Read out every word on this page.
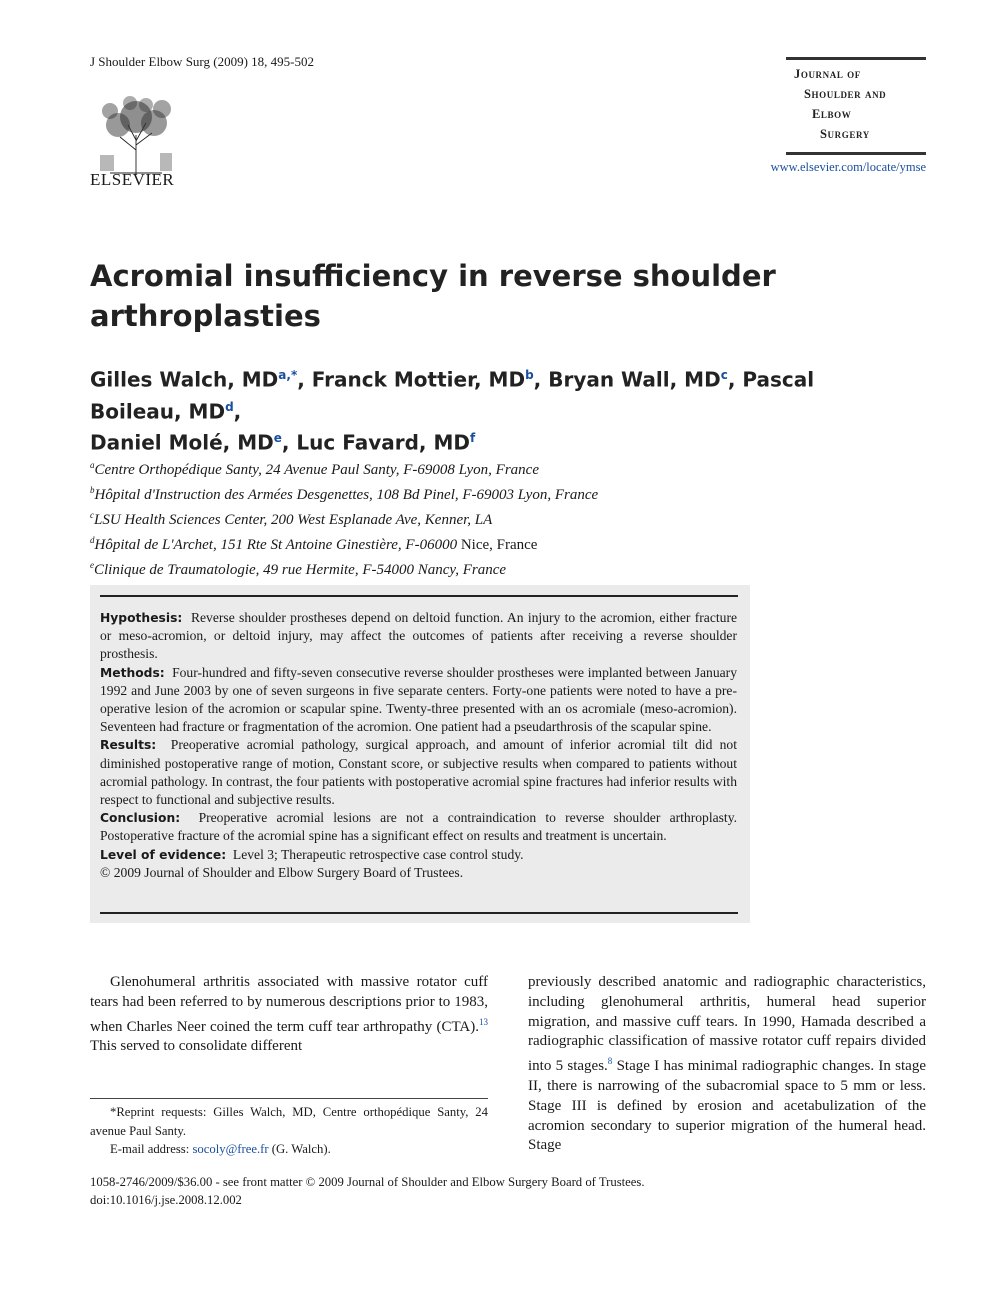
J Shoulder Elbow Surg (2009) 18, 495-502
ELSEVIER
Journal of
Shoulder and
Elbow
Surgery
www.elsevier.com/locate/ymse
Acromial insufficiency in reverse shoulder arthroplasties
Gilles Walch, $MD^{a,*}$, Franck Mottier, $MD^b$, Bryan Wall, $MD^c$, Pascal Boileau, $MD^d$,
Daniel Molé, MDe, Luc Favard, $MD^f$
$^a$Centre Orthopédique Santy, 24 Avenue Paul Santy, F-69008 Lyon, France
$^b$Hôpital d'Instruction des Armées Desgenettes, 108 Bd Pinel, F-69003 Lyon, France
$^c$LSU Health Sciences Center, 200 West Esplanade Ave, Kenner, LA
$^d$Hôpital de L'Archet, 151 Rte St Antoine Ginestière, F-06000 Nice, France
$^e$Clinique de Traumatologie, 49 rue Hermite, F-54000 Nancy, France
Hypothesis: Reverse shoulder prostheses depend on deltoid function. An injury to the acromion, either fracture or meso-acromion, or deltoid injury, may affect the outcomes of patients after receiving a reverse shoulder prosthesis.
Methods: Four-hundred and fifty-seven consecutive reverse shoulder prostheses were implanted between January 1992 and June 2003 by one of seven surgeons in five separate centers. Forty-one patients were noted to have a pre-operative lesion of the acromion or scapular spine. Twenty-three presented with an os acromiale (meso-acromion). Seventeen had fracture or fragmentation of the acromion. One patient had a pseudarthrosis of the scapular spine.
Results: Preoperative acromial pathology, surgical approach, and amount of inferior acromial tilt did not diminished postoperative range of motion, Constant score, or subjective results when compared to patients without acromial pathology. In contrast, the four patients with postoperative acromial spine fractures had inferior results with respect to functional and subjective results.
Conclusion: Preoperative acromial lesions are not a contraindication to reverse shoulder arthroplasty. Postoperative fracture of the acromial spine has a significant effect on results and treatment is uncertain.
Level of evidence: Level 3; Therapeutic retrospective case control study.
© 2009 Journal of Shoulder and Elbow Surgery Board of Trustees.

Glenohumeral arthritis associated with massive rotator cuff tears had been referred to by numerous descriptions prior to 1983, when Charles Neer coined the term cuff tear arthropathy (CTA).$^{13}$ This served to consolidate different

previously described anatomic and radiographic characteristics, including glenohumeral arthritis, humeral head superior migration, and massive cuff tears. In 1990, Hamada described a radiographic classification of massive rotator cuff repairs divided into 5 stages.$^8$ Stage I has minimal radiographic changes. In stage II, there is narrowing of the subacromial space to 5 mm or less. Stage III is defined by erosion and acetabulization of the acromion secondary to superior migration of the humeral head. Stage

*Reprint requests: Gilles Walch, MD, Centre orthopédique Santy, 24 avenue Paul Santy.

E-mail address: socoly@free.fr (G. Walch).

1058-2746/2009/$36.00 - see front matter © 2009 Journal of Shoulder and Elbow Surgery Board of Trustees.
doi:10.1016/j.jse.2008.12.002
